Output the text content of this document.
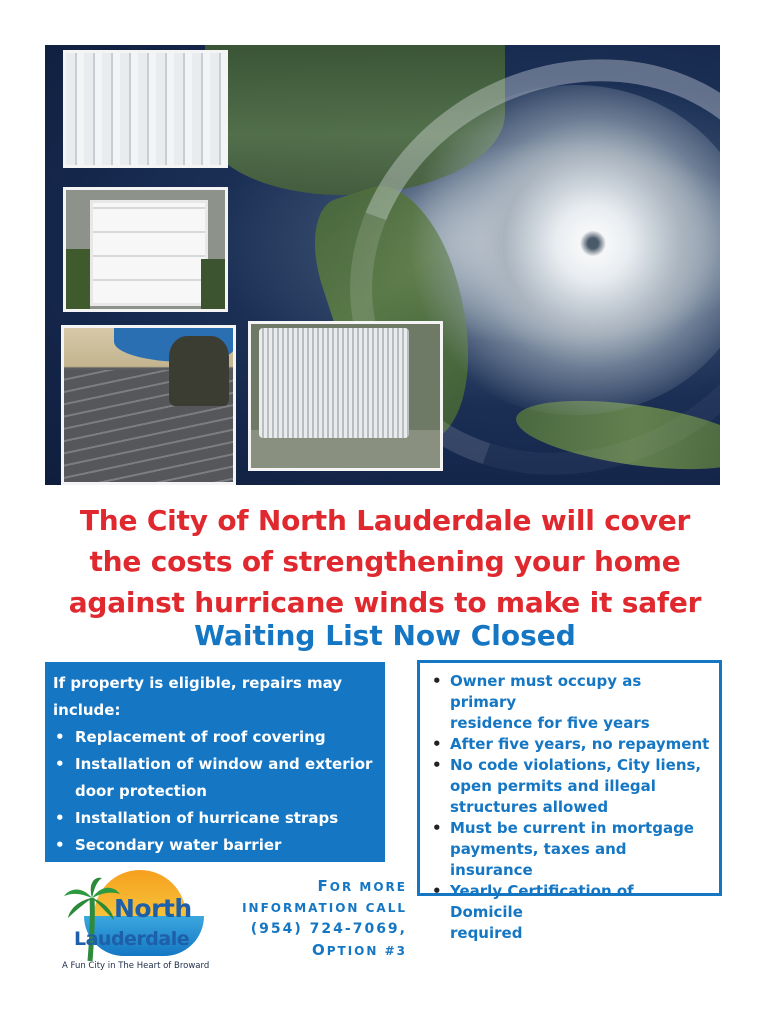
The City of North Lauderdale will cover
the costs of strengthening your home
against hurricane winds to make it safer
Waiting List Now Closed

If property is eligible, repairs may
include:

• Replacement of roof covering
• Installation of window and exterior
door protection
• Installation of hurricane straps
• Secondary water barrier
• Owner must occupy as primary
residence for five years
• After five years, no repayment
• No code violations, City liens,
open permits and illegal
structures allowed
• Must be current in mortgage
payments, taxes and insurance
• Yearly Certification of Domicile
required
North
Lauderdale
A Fun City in The Heart of Broward
FOR MORE
INFORMATION CALL
(954) 724-7069,
OPTION #3
